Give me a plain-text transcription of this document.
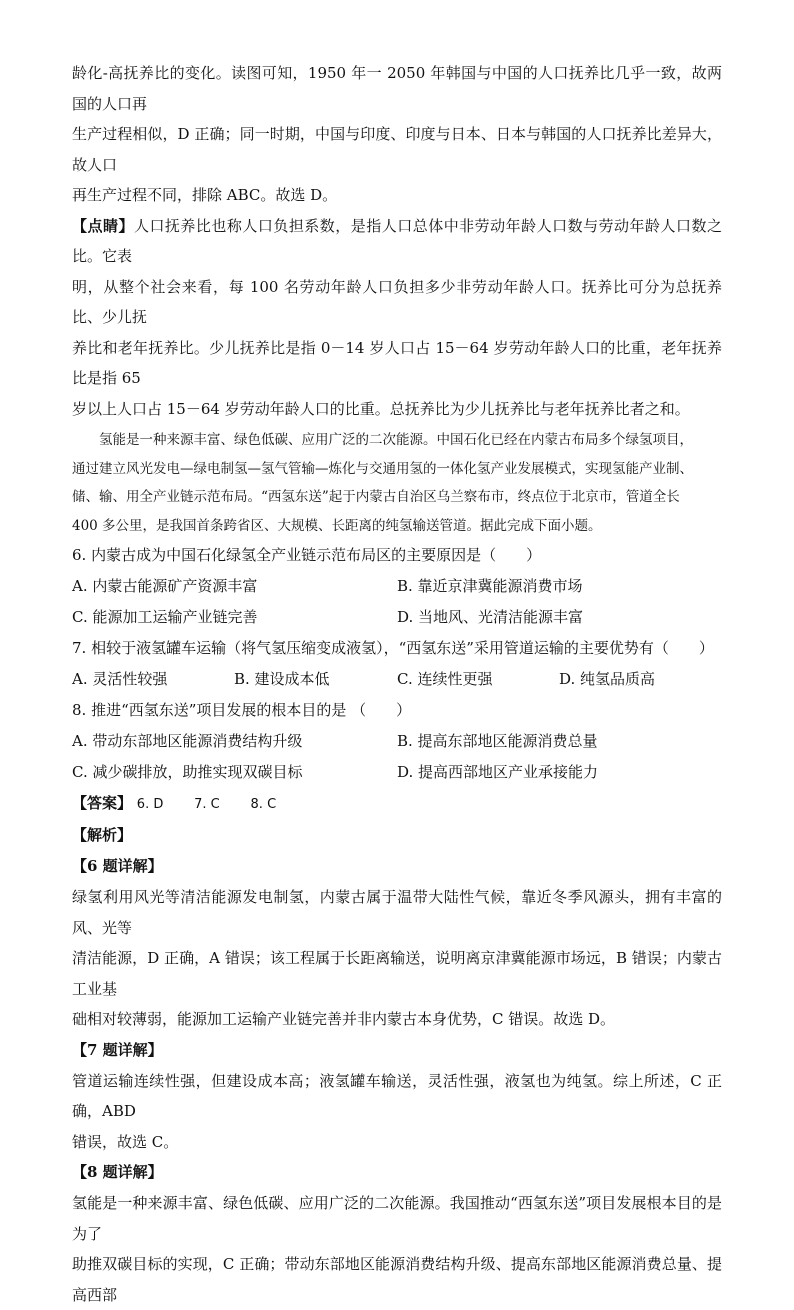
龄化-高抚养比的变化。读图可知，1950 年一 2050 年韩国与中国的人口抚养比几乎一致，故两国的人口再

生产过程相似，D 正确；同一时期，中国与印度、印度与日本、日本与韩国的人口抚养比差异大，故人口

再生产过程不同，排除 ABC。故选 D。

【点睛】人口抚养比也称人口负担系数，是指人口总体中非劳动年龄人口数与劳动年龄人口数之比。它表

明，从整个社会来看，每 100 名劳动年龄人口负担多少非劳动年龄人口。抚养比可分为总抚养比、少儿抚

养比和老年抚养比。少儿抚养比是指 0－14 岁人口占 15－64 岁劳动年龄人口的比重，老年抚养比是指 65

岁以上人口占 15－64 岁劳动年龄人口的比重。总抚养比为少儿抚养比与老年抚养比者之和。

氢能是一种来源丰富、绿色低碳、应用广泛的二次能源。中国石化已经在内蒙古布局多个绿氢项目，

通过建立风光发电—绿电制氢—氢气管输—炼化与交通用氢的一体化氢产业发展模式，实现氢能产业制、

储、输、用全产业链示范布局。“西氢东送”起于内蒙古自治区乌兰察布市，终点位于北京市，管道全长

400 多公里，是我国首条跨省区、大规模、长距离的纯氢输送管道。据此完成下面小题。

6. 内蒙古成为中国石化绿氢全产业链示范布局区的主要原因是（　　）

A. 内蒙古能源矿产资源丰富	B. 靠近京津冀能源消费市场
C. 能源加工运输产业链完善	D. 当地风、光清洁能源丰富

7. 相较于液氢罐车运输（将气氢压缩变成液氢），“西氢东送”采用管道运输的主要优势有（　　）

A. 灵活性较强	B. 建设成本低	C. 连续性更强	D. 纯氢品质高

8. 推进“西氢东送”项目发展的根本目的是 （　　）

A. 带动东部地区能源消费结构升级	B. 提高东部地区能源消费总量
C. 减少碳排放，助推实现双碳目标	D. 提高西部地区产业承接能力

【答案】 6. D 7. C 8. C

【解析】

【6 题详解】

绿氢利用风光等清洁能源发电制氢，内蒙古属于温带大陆性气候，靠近冬季风源头，拥有丰富的风、光等

清洁能源，D 正确，A 错误；该工程属于长距离输送，说明离京津冀能源市场远，B 错误；内蒙古工业基

础相对较薄弱，能源加工运输产业链完善并非内蒙古本身优势，C 错误。故选 D。

【7 题详解】

管道运输连续性强，但建设成本高；液氢罐车输送，灵活性强，液氢也为纯氢。综上所述，C 正确，ABD

错误，故选 C。

【8 题详解】

氢能是一种来源丰富、绿色低碳、应用广泛的二次能源。我国推动“西氢东送”项目发展根本目的是为了

助推双碳目标的实现，C 正确；带动东部地区能源消费结构升级、提高东部地区能源消费总量、提高西部
